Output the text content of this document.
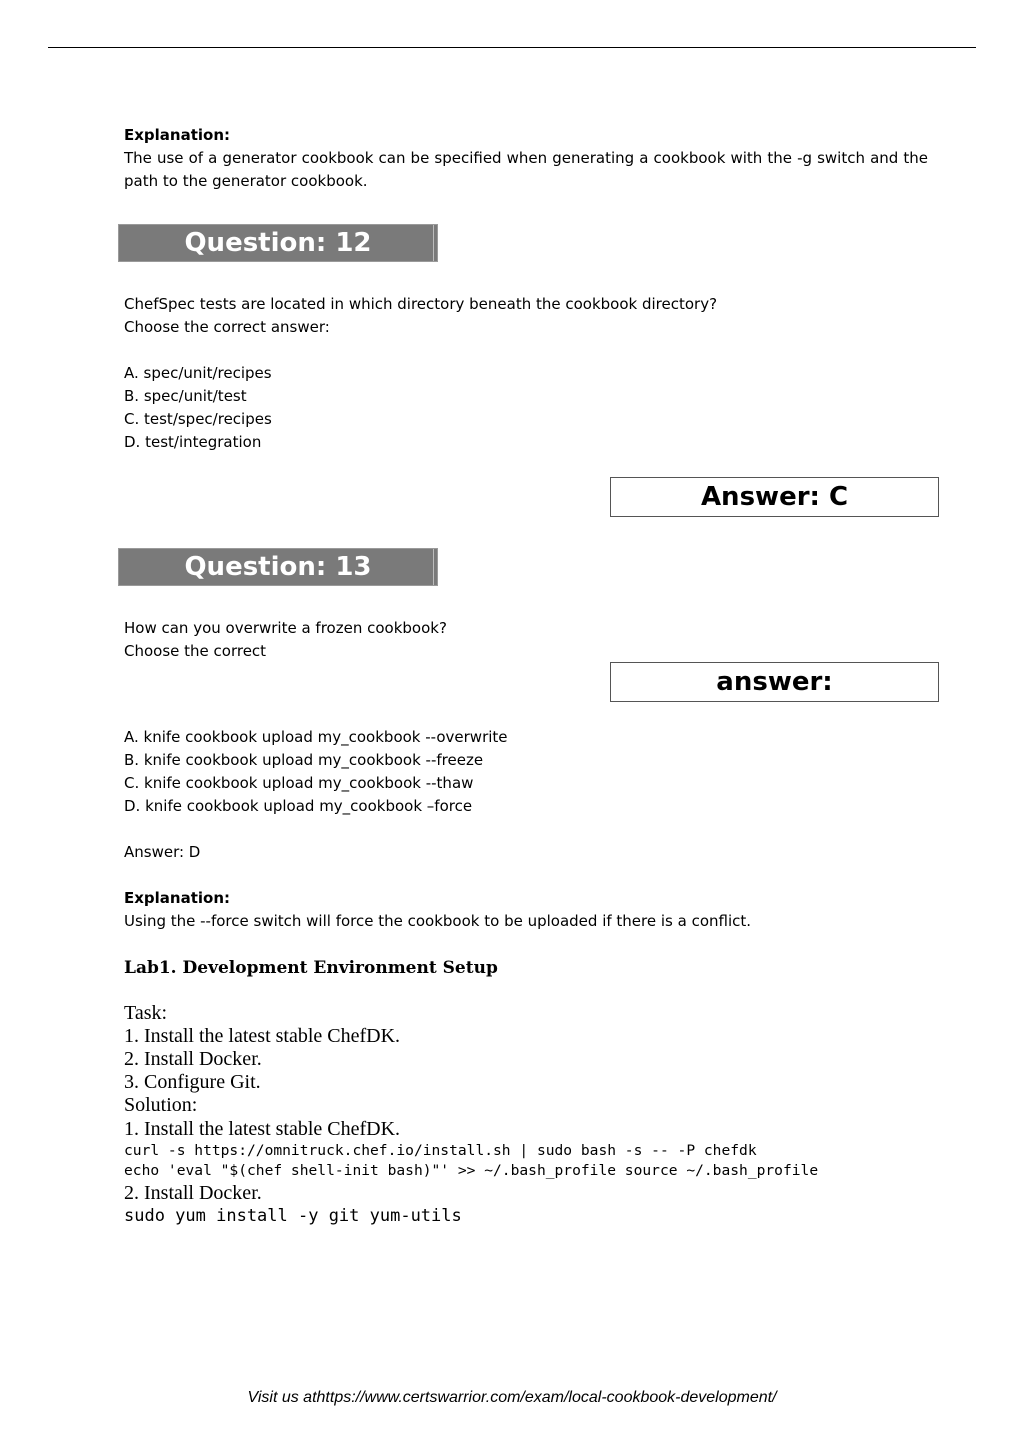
Explanation:
The use of a generator cookbook can be specified when generating a cookbook with the -g switch and the path to the generator cookbook.
Question: 12
ChefSpec tests are located in which directory beneath the cookbook directory?
Choose the correct answer:
A. spec/unit/recipes
B. spec/unit/test
C. test/spec/recipes
D. test/integration
Answer: C
Question: 13
How can you overwrite a frozen cookbook?
Choose the correct
answer:
A. knife cookbook upload my_cookbook --overwrite
B. knife cookbook upload my_cookbook --freeze
C. knife cookbook upload my_cookbook --thaw
D. knife cookbook upload my_cookbook –force
Answer: D
Explanation:
Using the --force switch will force the cookbook to be uploaded if there is a conflict.
Lab1. Development Environment Setup
Task:
1. Install the latest stable ChefDK.
2. Install Docker.
3. Configure Git.
Solution:
1. Install the latest stable ChefDK.
curl -s https://omnitruck.chef.io/install.sh | sudo bash -s -- -P chefdk
echo 'eval "$(chef shell-init bash)"' >> ~/.bash_profile source ~/.bash_profile
2. Install Docker.
sudo yum install -y git yum-utils
Visit us athttps://www.certswarrior.com/exam/local-cookbook-development/
